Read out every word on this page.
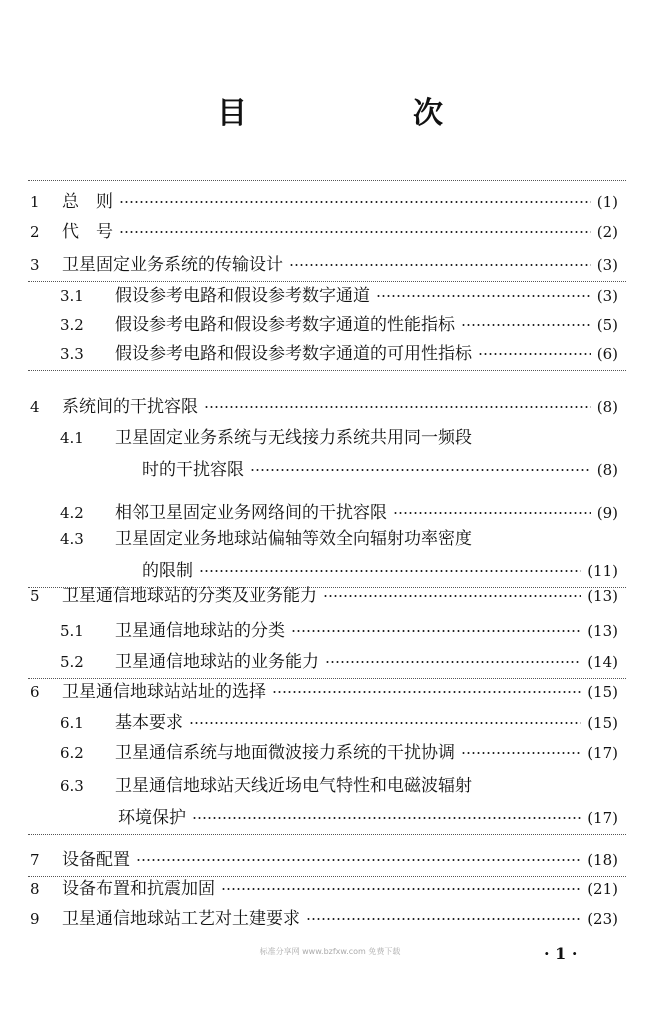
目　次
1 总　则	(1)
2 代　号	(2)
3 卫星固定业务系统的传输设计	(3)
3.1 假设参考电路和假设参考数字通道	(3)
3.2 假设参考电路和假设参考数字通道的性能指标	(5)
3.3 假设参考电路和假设参考数字通道的可用性指标	(6)
4 系统间的干扰容限	(8)
4.1 卫星固定业务系统与无线接力系统共用同一频段
时的干扰容限	(8)
4.2 相邻卫星固定业务网络间的干扰容限	(9)
4.3 卫星固定业务地球站偏轴等效全向辐射功率密度
的限制	(11)
5 卫星通信地球站的分类及业务能力	(13)
5.1 卫星通信地球站的分类	(13)
5.2 卫星通信地球站的业务能力	(14)
6 卫星通信地球站站址的选择	(15)
6.1 基本要求	(15)
6.2 卫星通信系统与地面微波接力系统的干扰协调	(17)
6.3 卫星通信地球站天线近场电气特性和电磁波辐射
环境保护	(17)
7 设备配置	(18)
8 设备布置和抗震加固	(21)
9 卫星通信地球站工艺对土建要求	(23)
标准分享网 www.bzfxw.com 免费下载	· 1 ·
